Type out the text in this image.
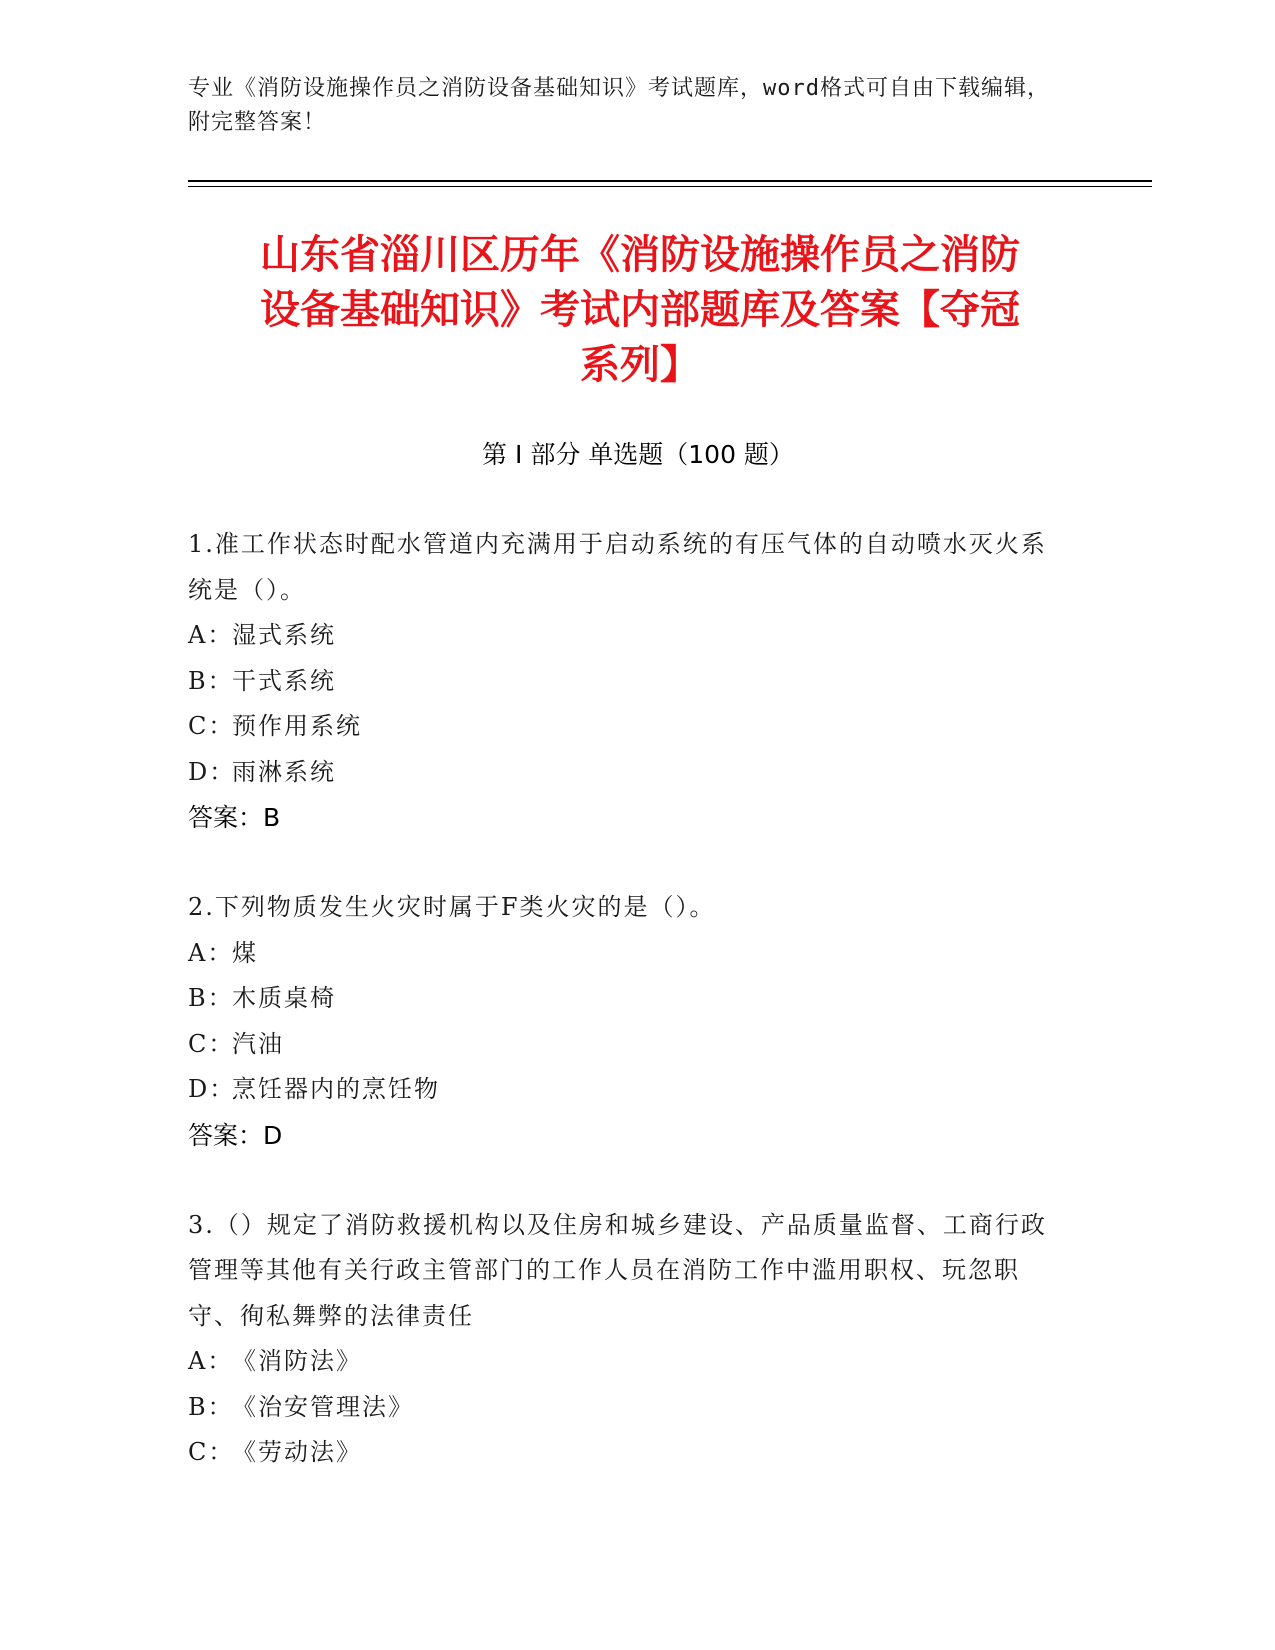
专业《消防设施操作员之消防设备基础知识》考试题库，word格式可自由下载编辑，附完整答案！
山东省淄川区历年《消防设施操作员之消防
设备基础知识》考试内部题库及答案【夺冠
系列】
第 I 部分 单选题（100 题）
1.准工作状态时配水管道内充满用于启动系统的有压气体的自动喷水灭火系统是（）。
A：湿式系统
B：干式系统
C：预作用系统
D：雨淋系统
答案：B
2.下列物质发生火灾时属于F类火灾的是（）。
A：煤
B：木质桌椅
C：汽油
D：烹饪器内的烹饪物
答案：D
3.（）规定了消防救援机构以及住房和城乡建设、产品质量监督、工商行政管理等其他有关行政主管部门的工作人员在消防工作中滥用职权、玩忽职守、徇私舞弊的法律责任
A：《消防法》
B：《治安管理法》
C：《劳动法》
